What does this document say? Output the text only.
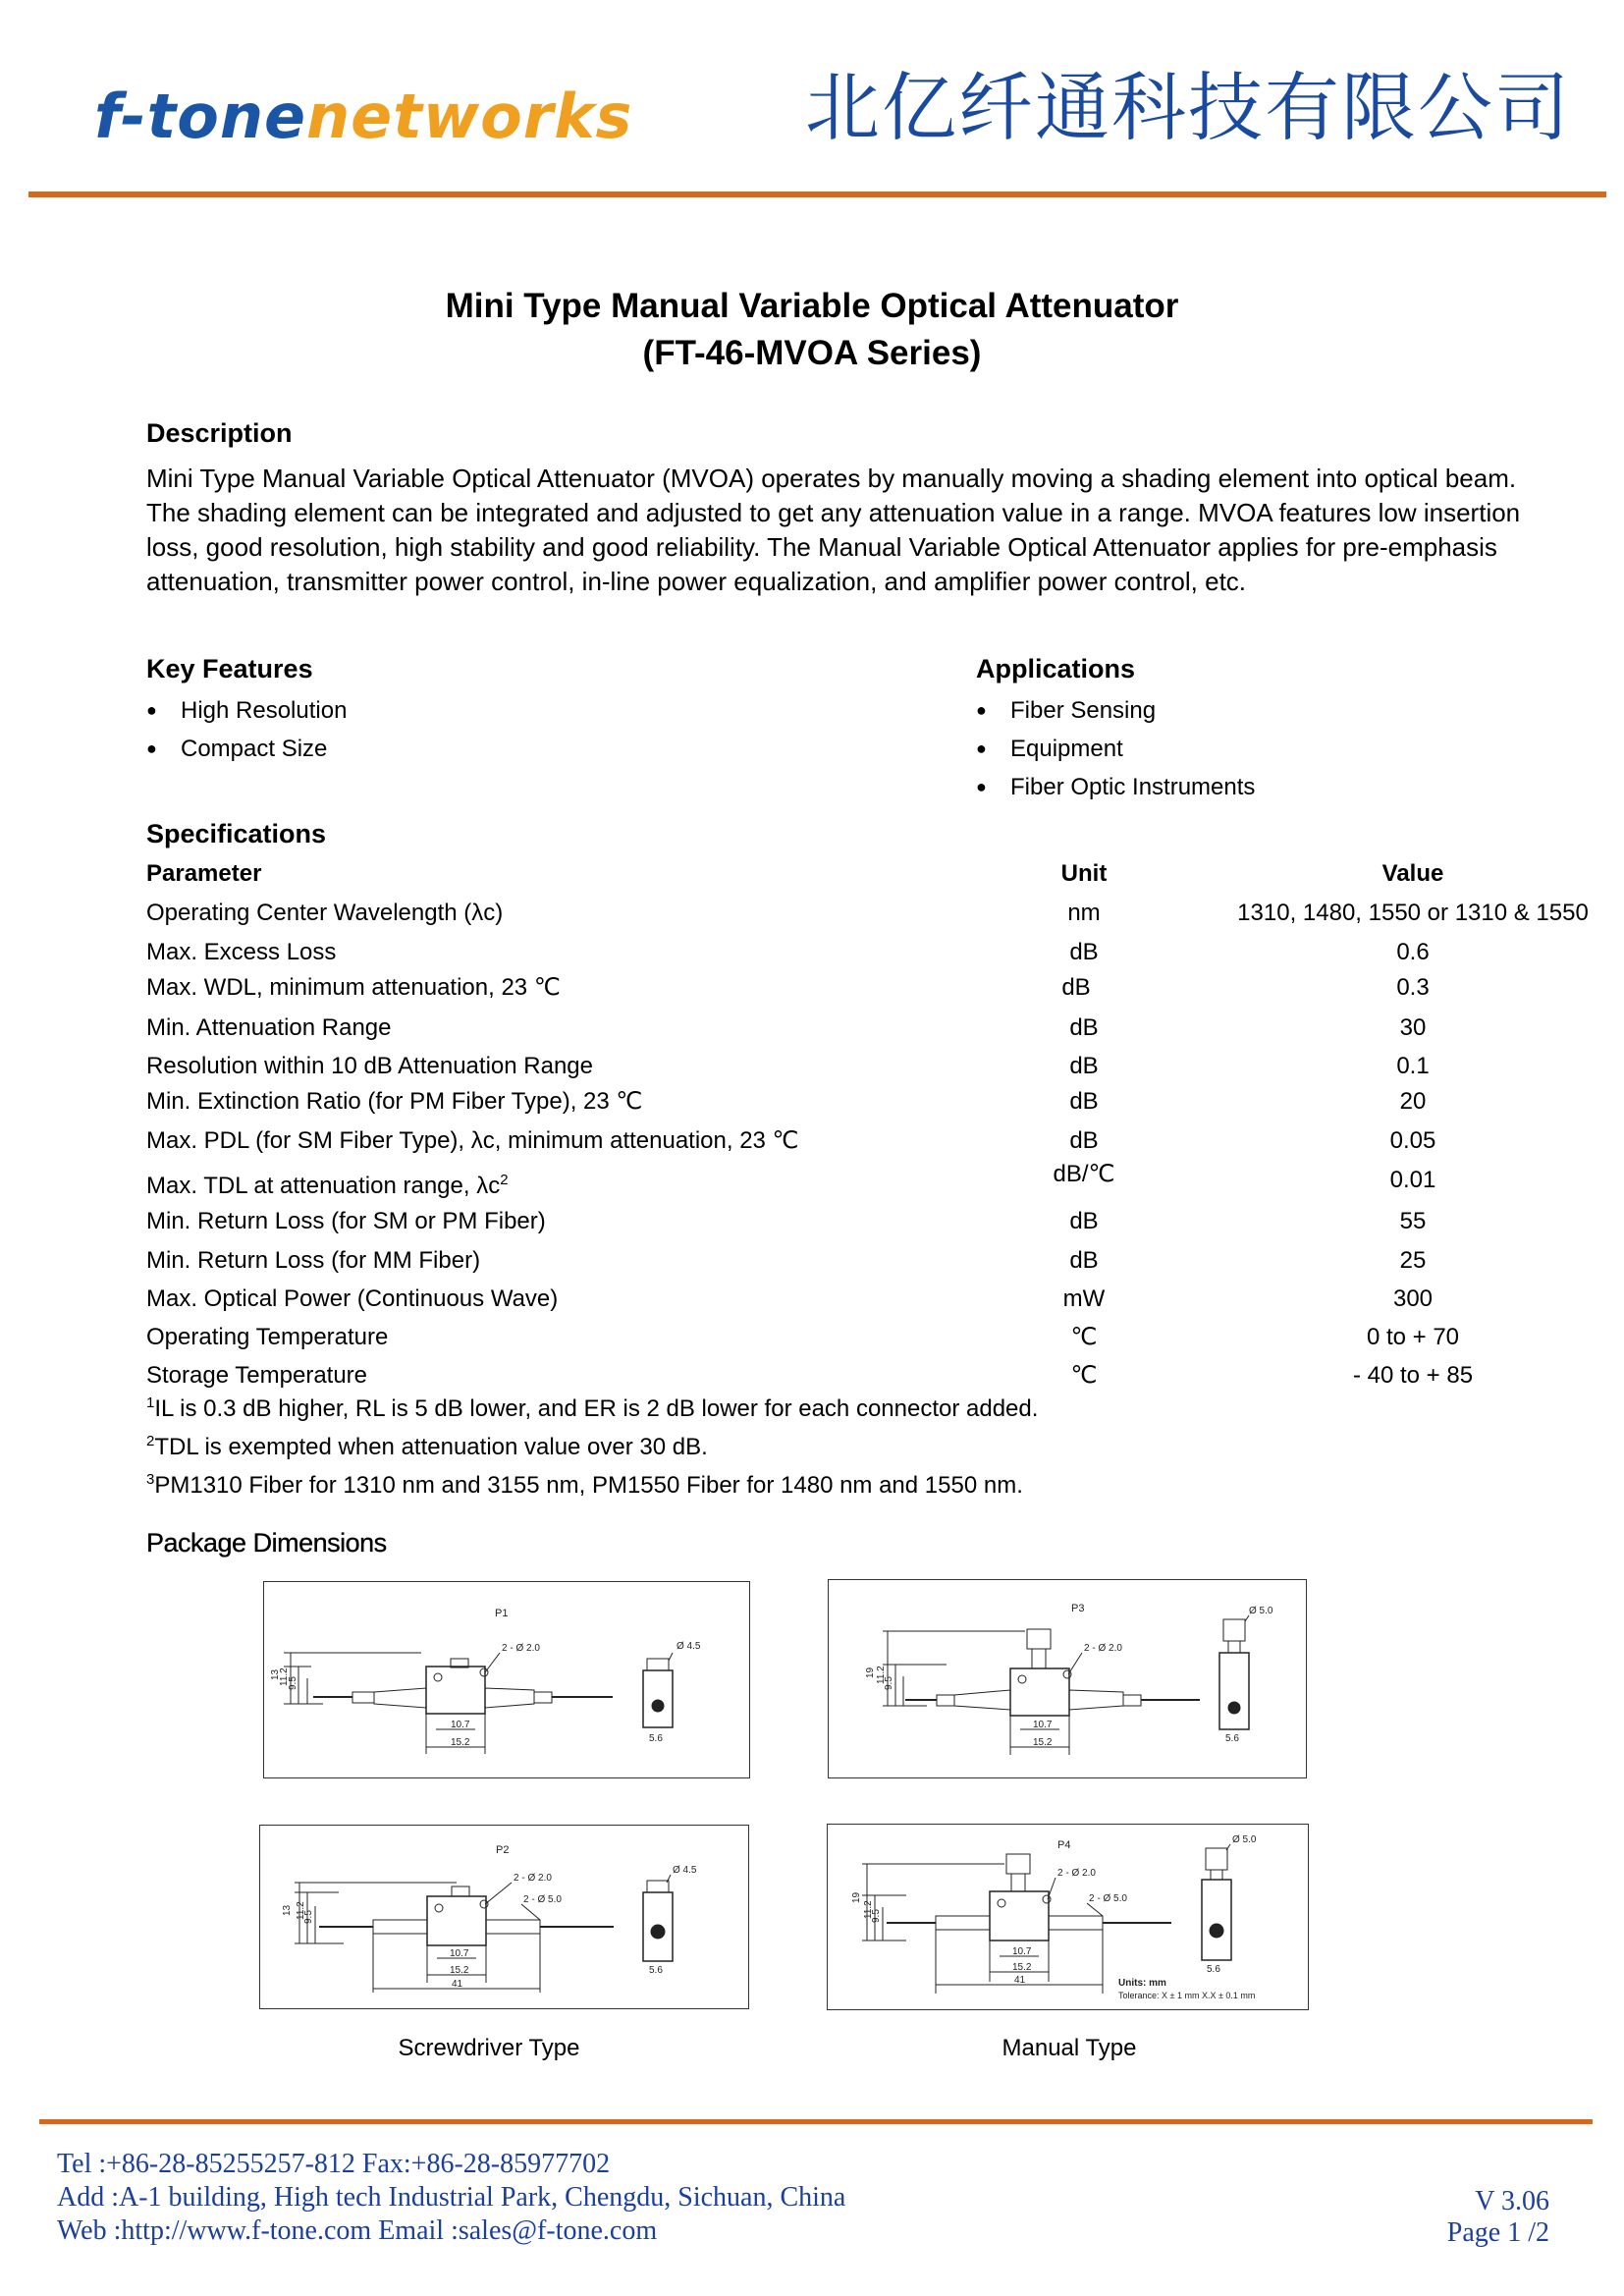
f-tonenetworks 北亿纤通科技有限公司
Mini Type Manual Variable Optical Attenuator
(FT-46-MVOA Series)
Description
Mini Type Manual Variable Optical Attenuator (MVOA) operates by manually moving a shading element into optical beam. The shading element can be integrated and adjusted to get any attenuation value in a range. MVOA features low insertion loss, good resolution, high stability and good reliability. The Manual Variable Optical Attenuator applies for pre-emphasis attenuation, transmitter power control, in-line power equalization, and amplifier power control, etc.
Key Features
● High Resolution
● Compact Size
Applications
● Fiber Sensing
● Equipment
● Fiber Optic Instruments
Specifications
Parameter	Unit	Value
Operating Center Wavelength (λc)	nm	1310, 1480, 1550 or 1310 & 1550
Max. Excess Loss	dB	0.6
Max. WDL, minimum attenuation, 23 ℃	dB	0.3
Min. Attenuation Range	dB	30
Resolution within 10 dB Attenuation Range	dB	0.1
Min. Extinction Ratio (for PM Fiber Type), 23 ℃	dB	20
Max. PDL (for SM Fiber Type), λc, minimum attenuation, 23 ℃	dB	0.05
Max. TDL at attenuation range, $\lambda c^2$	dB/℃	0.01
Min. Return Loss (for SM or PM Fiber)	dB	55
Min. Return Loss (for MM Fiber)	dB	25
Max. Optical Power (Continuous Wave)	mW	300
Operating Temperature	℃	0 to + 70
Storage Temperature	℃	- 40 to + 85
$^1$IL is 0.3 dB higher, RL is 5 dB lower, and ER is 2 dB lower for each connector added.
$^2$TDL is exempted when attenuation value over 30 dB.
$^3$PM1310 Fiber for 1310 nm and 3155 nm, PM1550 Fiber for 1480 nm and 1550 nm.
Package Dimensions
P1
13
11.2
9.5
2 - Ø 2.0
10.7
15.2
Ø 4.5
5.6
P3
19 11.2
9.5
2 - Ø 2.0
10.7
15.2
Ø 5.0
5.6
P2
13 11.2
9.5
2 - Ø 2.0
2 - Ø 5.0
10.7
15.2
41
Ø 4.5
5.6
P4
19
11.2
9.5
2 - Ø 2.0
2 - Ø 5.0
10.7
15.2
41
Ø 5.0
5.6
Units: mm
Tolerance: X ± 1 mm X.X ± 0.1 mm
Screwdriver Type	Manual Type
Tel :+86-28-85255257-812 Fax:+86-28-85977702
Add :A-1 building, High tech Industrial Park, Chengdu, Sichuan, China
Web :http://www.f-tone.com Email :sales@f-tone.com
V 3.06
Page 1 /2
